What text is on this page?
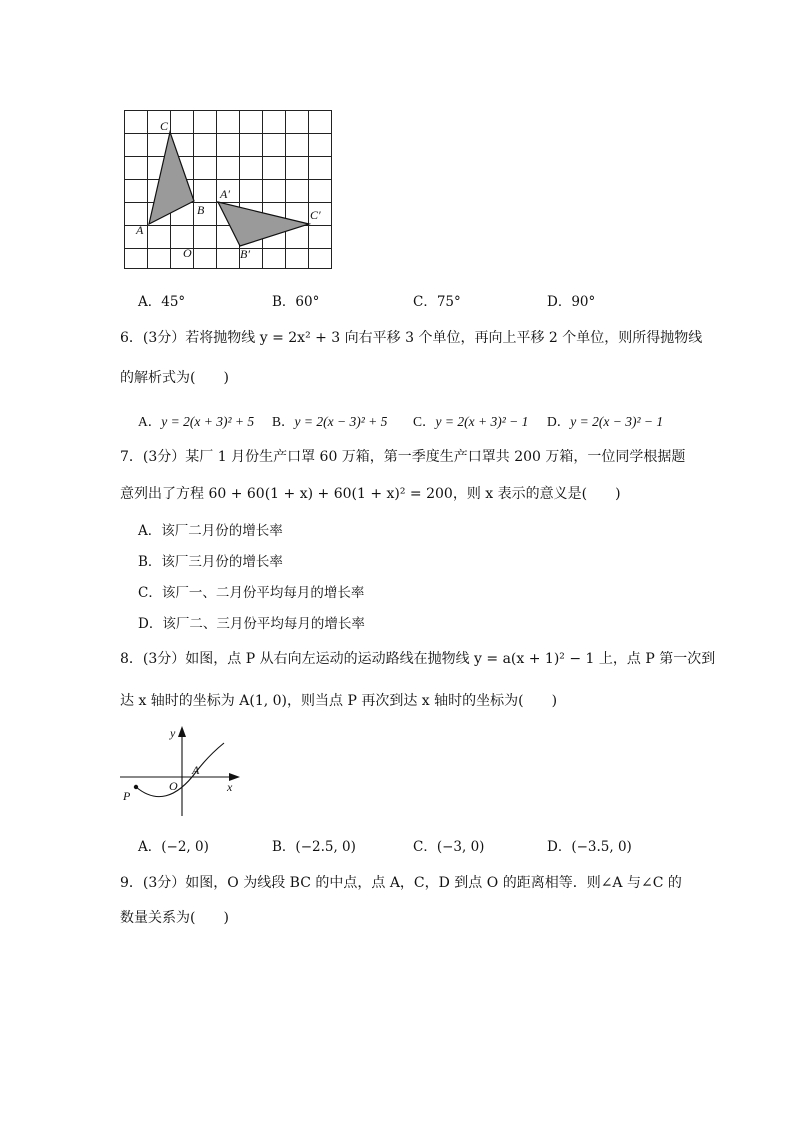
C
B
A
O
A′
B′
C′
A．45°	B．60°	C．75°	D．90°
6．(3分）若将抛物线 y = 2x² + 3 向右平移 3 个单位，再向上平移 2 个单位，则所得抛物线
的解析式为(　　)
A．y = 2(x + 3)² + 5 B．y = 2(x − 3)² + 5 C．y = 2(x + 3)² − 1 D．y = 2(x − 3)² − 1
7．(3分）某厂 1 月份生产口罩 60 万箱，第一季度生产口罩共 200 万箱，一位同学根据题
意列出了方程 60 + 60(1 + x) + 60(1 + x)² = 200，则 x 表示的意义是(　　)
A．该厂二月份的增长率
B．该厂三月份的增长率
C．该厂一、二月份平均每月的增长率
D．该厂二、三月份平均每月的增长率
8．(3分）如图，点 P 从右向左运动的运动路线在抛物线 y = a(x + 1)² − 1 上，点 P 第一次到
达 x 轴时的坐标为 A(1, 0)，则当点 P 再次到达 x 轴时的坐标为(　　)
y
x
O
A
P
A．(−2, 0)	B．(−2.5, 0)	C．(−3, 0)	D．(−3.5, 0)
9．(3分）如图，O 为线段 BC 的中点，点 A，C，D 到点 O 的距离相等．则∠A 与∠C 的
数量关系为(　　)
